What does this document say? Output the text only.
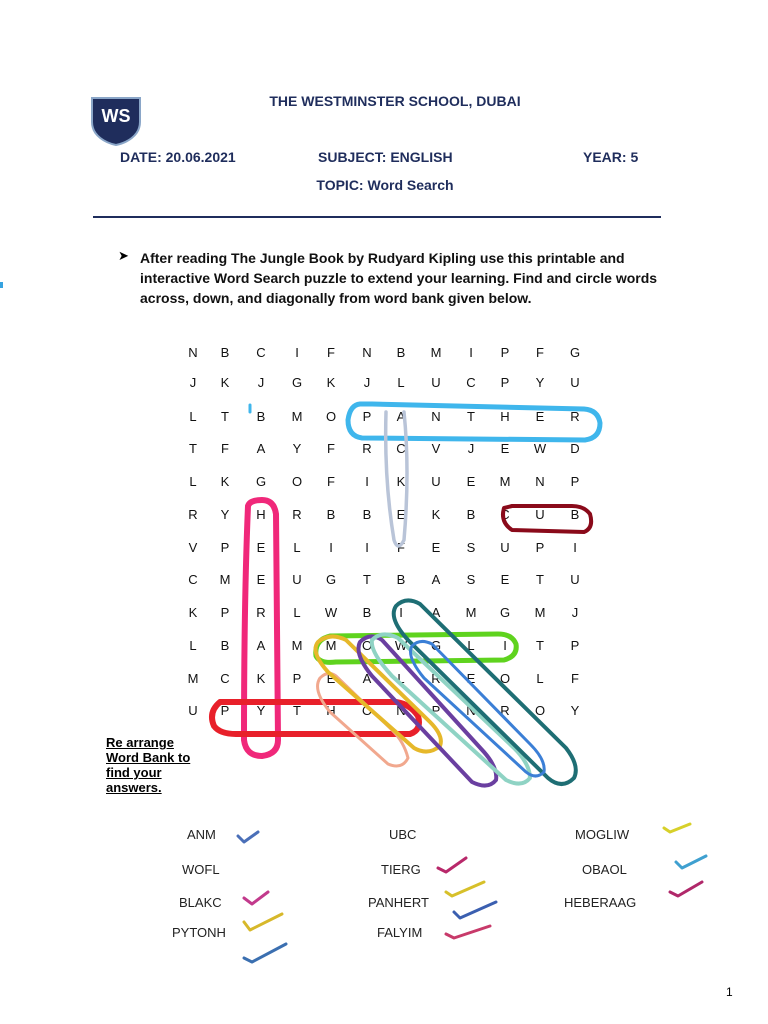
WS
THE WESTMINSTER SCHOOL, DUBAI
DATE: 20.06.2021	SUBJECT: ENGLISH	YEAR: 5
TOPIC: Word Search
➤ After reading The Jungle Book by Rudyard Kipling use this printable and interactive Word Search puzzle to extend your learning. Find and circle words across, down, and diagonally from word bank given below.
N	B	C	I	F	N	B	M	I	P	F	G
J	K	J	G	K	J	L	U	C	P	Y	U
L	T	B	M	O	P	A	N	T	H	E	R
T	F	A	Y	F	R	C	V	J	E	W	D
L	K	G	O	F	I	K	U	E	M	N	P
R	Y	H	R	B	B	E	K	B	C	U	B
V	P	E	L	I	I	F	E	S	U	P	I
C	M	E	U	G	T	B	A	S	E	T	U
K	P	R	L	W	B	I	A	M	G	M	J
L	B	A	M	M	O	W	G	L	I	T	P
M	C	K	P	E	A	L	R	E	O	L	F
U	P	Y	T	H	O	N	P	N	R	O	Y
Re arrange
Word Bank to
find your
answers.
ANM
WOFL
BLAKC
PYTONH
UBC
TIERG
PANHERT
FALYIM
MOGLIW
OBAOL
HEBERAAG
1
